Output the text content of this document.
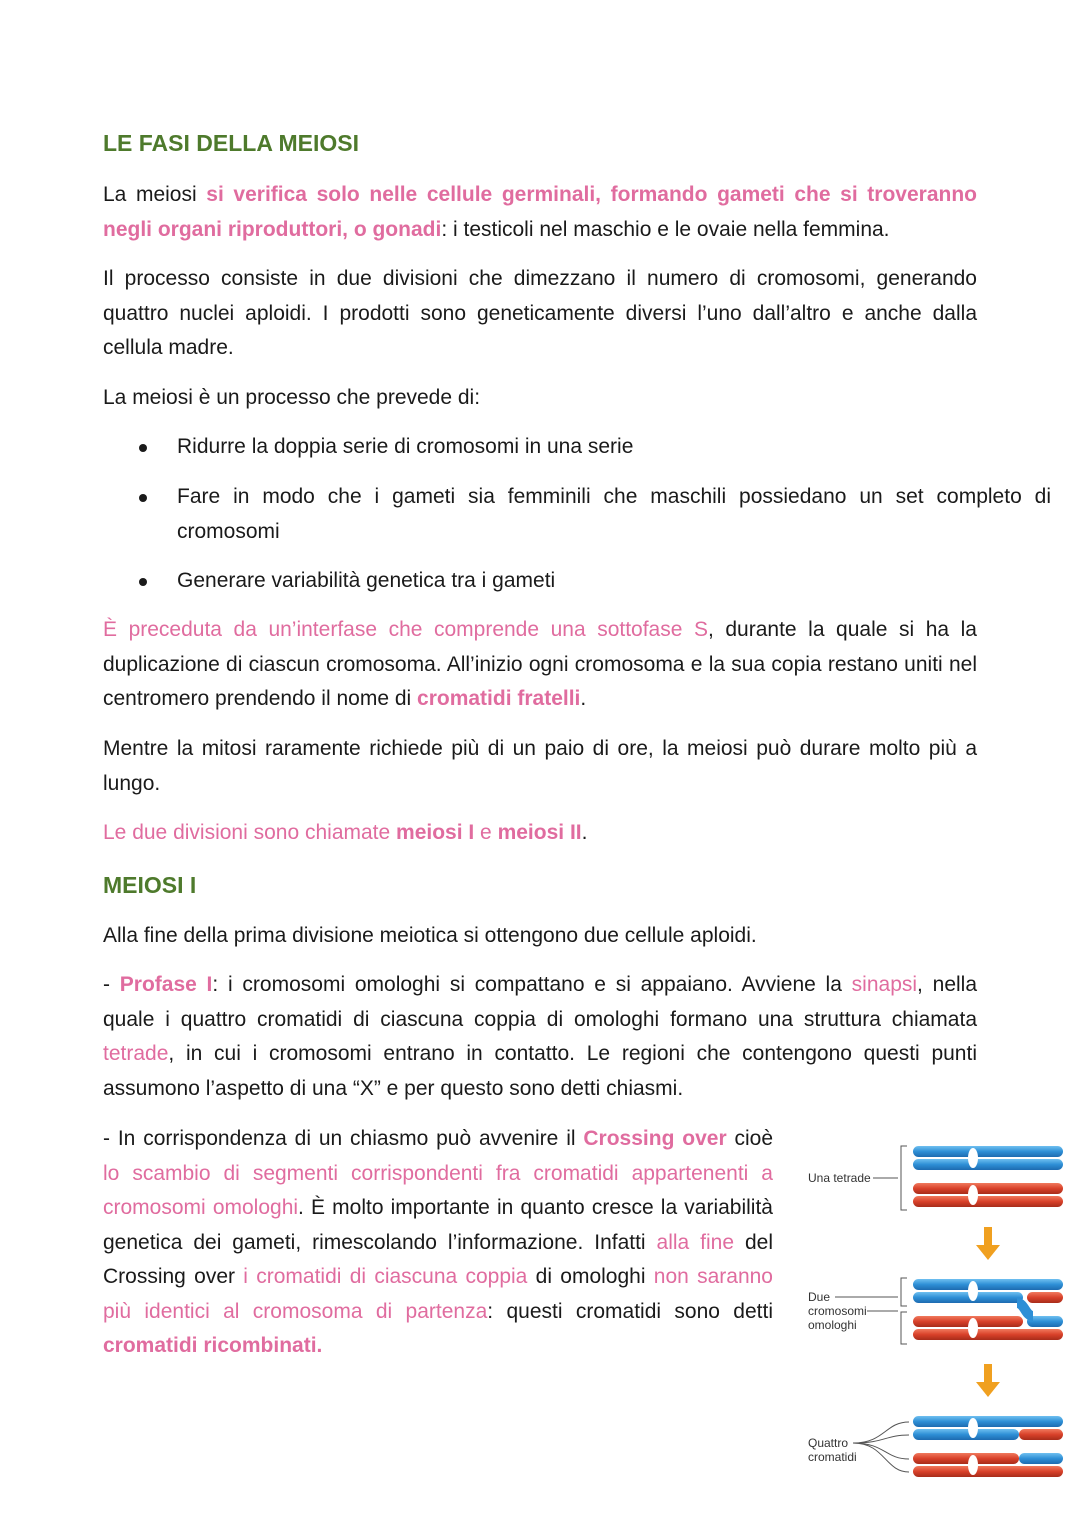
LE FASI DELLA MEIOSI

La meiosi si verifica solo nelle cellule germinali, formando gameti che si troveranno negli organi riproduttori, o gonadi: i testicoli nel maschio e le ovaie nella femmina.

Il processo consiste in due divisioni che dimezzano il numero di cromosomi, generando quattro nuclei aploidi. I prodotti sono geneticamente diversi l’uno dall’altro e anche dalla cellula madre.

La meiosi è un processo che prevede di:

Ridurre la doppia serie di cromosomi in una serie
Fare in modo che i gameti sia femminili che maschili possiedano un set completo di cromosomi
Generare variabilità genetica tra i gameti

È preceduta da un’interfase che comprende una sottofase S, durante la quale si ha la duplicazione di ciascun cromosoma. All’inizio ogni cromosoma e la sua copia restano uniti nel centromero prendendo il nome di cromatidi fratelli.

Mentre la mitosi raramente richiede più di un paio di ore, la meiosi può durare molto più a lungo.

Le due divisioni sono chiamate meiosi I e meiosi II.

MEIOSI I

Alla fine della prima divisione meiotica si ottengono due cellule aploidi.

- Profase I: i cromosomi omologhi si compattano e si appaiano. Avviene la sinapsi, nella quale i quattro cromatidi di ciascuna coppia di omologhi formano una struttura chiamata tetrade, in cui i cromosomi entrano in contatto. Le regioni che contengono questi punti assumono l’aspetto di una “X” e per questo sono detti chiasmi.

- In corrispondenza di un chiasmo può avvenire il Crossing over cioè lo scambio di segmenti corrispondenti fra cromatidi appartenenti a cromosomi omologhi. È molto importante in quanto cresce la variabilità genetica dei gameti, rimescolando l’informazione. Infatti alla fine del Crossing over i cromatidi di ciascuna coppia di omologhi non saranno più identici al cromosoma di partenza: questi cromatidi sono detti cromatidi ricombinati.

Una tetrade
Due
cromosomi
omologhi
Quattro
cromatidi
